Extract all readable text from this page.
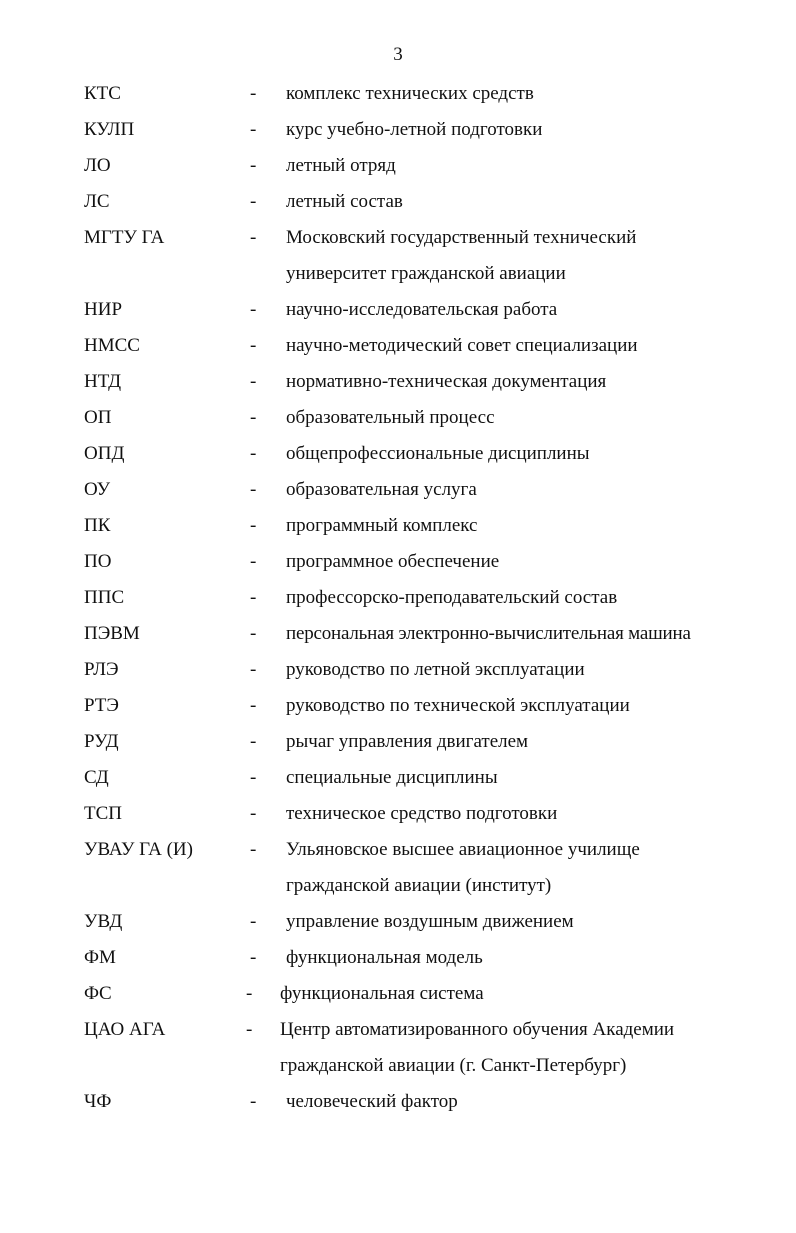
3
КТС	- комплекс технических средств
КУЛП	- курс учебно-летной подготовки
ЛО	- летный отряд
ЛС	- летный состав
МГТУ ГА	- Московский государственный технический университет гражданской авиации
НИР	- научно-исследовательская работа
НМСС	- научно-методический совет специализации
НТД	- нормативно-техническая документация
ОП	- образовательный процесс
ОПД	- общепрофессиональные дисциплины
ОУ	- образовательная услуга
ПК	- программный комплекс
ПО	- программное обеспечение
ППС	- профессорско-преподавательский состав
ПЭВМ	- персональная электронно-вычислительная машина
РЛЭ	- руководство по летной эксплуатации
РТЭ	- руководство по технической эксплуатации
РУД	- рычаг управления двигателем
СД	- специальные дисциплины
ТСП	- техническое средство подготовки
УВАУ ГА (И)	- Ульяновское высшее авиационное училище гражданской авиации (институт)
УВД	- управление воздушным движением
ФМ	- функциональная модель
ФС	- функциональная система
ЦАО АГА	- Центр автоматизированного обучения Академии гражданской авиации (г. Санкт-Петербург)
ЧФ	- человеческий фактор
